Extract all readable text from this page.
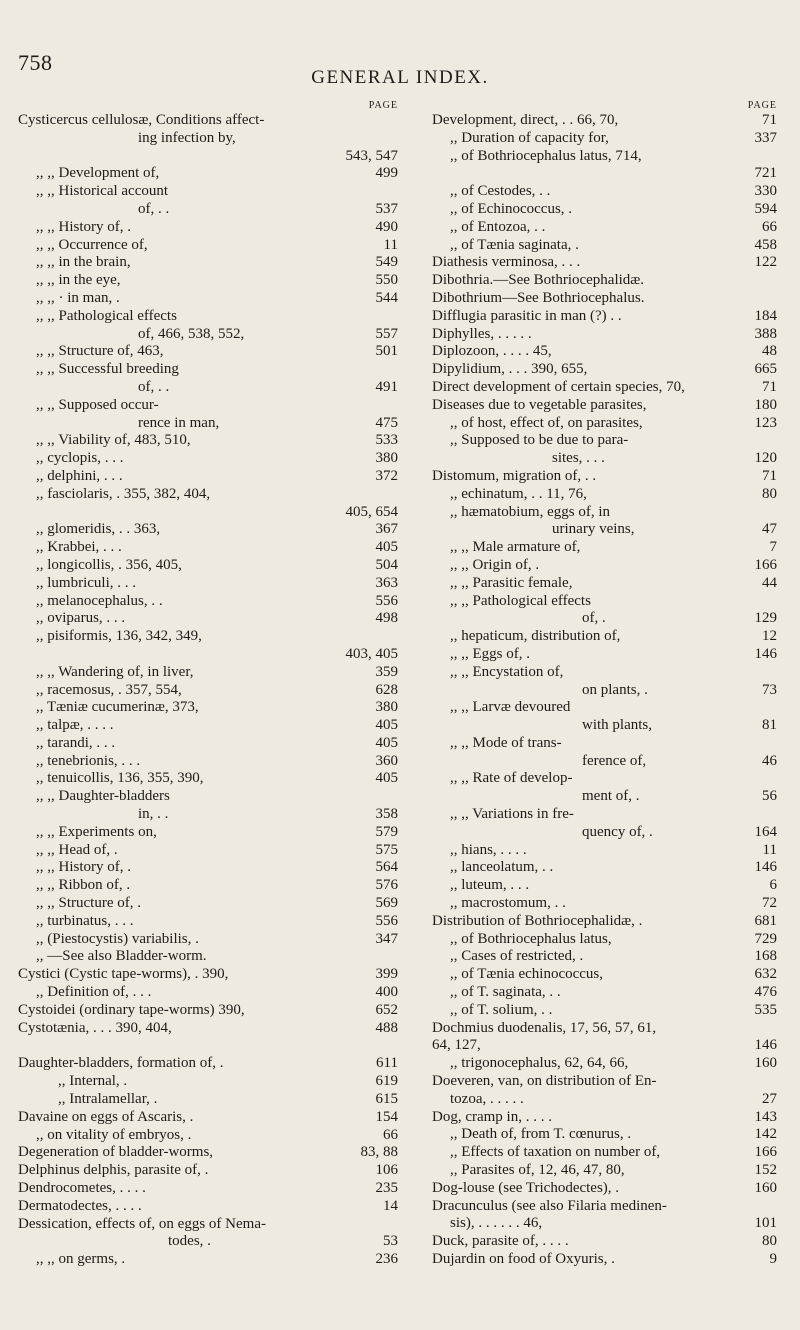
758
GENERAL INDEX.
PAGE
Cysticercus cellulosæ, Conditions affect-
ing infection by,

543, 547
,, ,, Development of,	499
,, ,, Historical account
of, . .	537
,, ,, History of, .	490
,, ,, Occurrence of,	11
,, ,, in the brain,	549
,, ,, in the eye,	550
,, ,, · in man, .	544
,, ,, Pathological effects
of, 466, 538, 552,	557
,, ,, Structure of, 463,	501
,, ,, Successful breeding
of, . .	491
,, ,, Supposed occur-
rence in man,	475
,, ,, Viability of, 483, 510,	533
,, cyclopis, . . .	380
,, delphini, . . .	372
,, fasciolaris, . 355, 382, 404,

405, 654
,, glomeridis, . . 363,	367
,, Krabbei, . . .	405
,, longicollis, . 356, 405,	504
,, lumbriculi, . . .	363
,, melanocephalus, . .	556
,, oviparus, . . .	498
,, pisiformis, 136, 342, 349,

403, 405
,, ,, Wandering of, in liver,	359
,, racemosus, . 357, 554,	628
,, Tæniæ cucumerinæ, 373,	380
,, talpæ, . . . .	405
,, tarandi, . . .	405
,, tenebrionis, . . .	360
,, tenuicollis, 136, 355, 390,	405
,, ,, Daughter-bladders
in, . .	358
,, ,, Experiments on,	579
,, ,, Head of, .	575
,, ,, History of, .	564
,, ,, Ribbon of, .	576
,, ,, Structure of, .	569
,, turbinatus, . . .	556
,, (Piestocystis) variabilis, .	347
,, —See also Bladder-worm.
Cystici (Cystic tape-worms), . 390,	399
,, Definition of, . . .	400
Cystoidei (ordinary tape-worms) 390,	652
Cystotænia, . . . 390, 404,	488
Daughter-bladders, formation of, .	611
,, Internal, .	619
,, Intralamellar, .	615
Davaine on eggs of Ascaris, .	154
,, on vitality of embryos, .	66
Degeneration of bladder-worms,	83, 88
Delphinus delphis, parasite of, .	106
Dendrocometes, . . . .	235
Dermatodectes, . . . .	14
Dessication, effects of, on eggs of Nema-
todes, .	53
,, ,, on germs, .	236
PAGE
Development, direct, . . 66, 70,	71
,, Duration of capacity for,	337
,, of Bothriocephalus latus, 714,

721
,, of Cestodes, . .	330
,, of Echinococcus, .	594
,, of Entozoa, . .	66
,, of Tænia saginata, .	458
Diathesis verminosa, . . .	122
Dibothria.—See Bothriocephalidæ.
Dibothrium—See Bothriocephalus.
Difflugia parasitic in man (?) . .	184
Diphylles, . . . . .	388
Diplozoon, . . . . 45,	48
Dipylidium, . . . 390, 655,	665
Direct development of certain species, 70,	71
Diseases due to vegetable parasites,	180
,, of host, effect of, on parasites,	123
,, Supposed to be due to para-
sites, . . .	120
Distomum, migration of, . .	71
,, echinatum, . . 11, 76,	80
,, hæmatobium, eggs of, in
urinary veins,	47
,, ,, Male armature of,	7
,, ,, Origin of, .	166
,, ,, Parasitic female,	44
,, ,, Pathological effects
of, .	129
,, hepaticum, distribution of,	12
,, ,, Eggs of, .	146
,, ,, Encystation of,
on plants, .	73
,, ,, Larvæ devoured
with plants,	81
,, ,, Mode of trans-
ference of,	46
,, ,, Rate of develop-
ment of, .	56
,, ,, Variations in fre-
quency of, .	164
,, hians, . . . .	11
,, lanceolatum, . .	146
,, luteum, . . .	6
,, macrostomum, . .	72
Distribution of Bothriocephalidæ, .	681
,, of Bothriocephalus latus,	729
,, Cases of restricted, .	168
,, of Tænia echinococcus,	632
,, of T. saginata, . .	476
,, of T. solium, . .	535
Dochmius duodenalis, 17, 56, 57, 61,
64, 127,	146
,, trigonocephalus, 62, 64, 66,	160
Doeveren, van, on distribution of En-
tozoa, . . . . .	27
Dog, cramp in, . . . .	143
,, Death of, from T. cœnurus, .	142
,, Effects of taxation on number of,	166
,, Parasites of, 12, 46, 47, 80,	152
Dog-louse (see Trichodectes), .	160
Dracunculus (see also Filaria medinen-
sis), . . . . . . 46,	101
Duck, parasite of, . . . .	80
Dujardin on food of Oxyuris, .	9
